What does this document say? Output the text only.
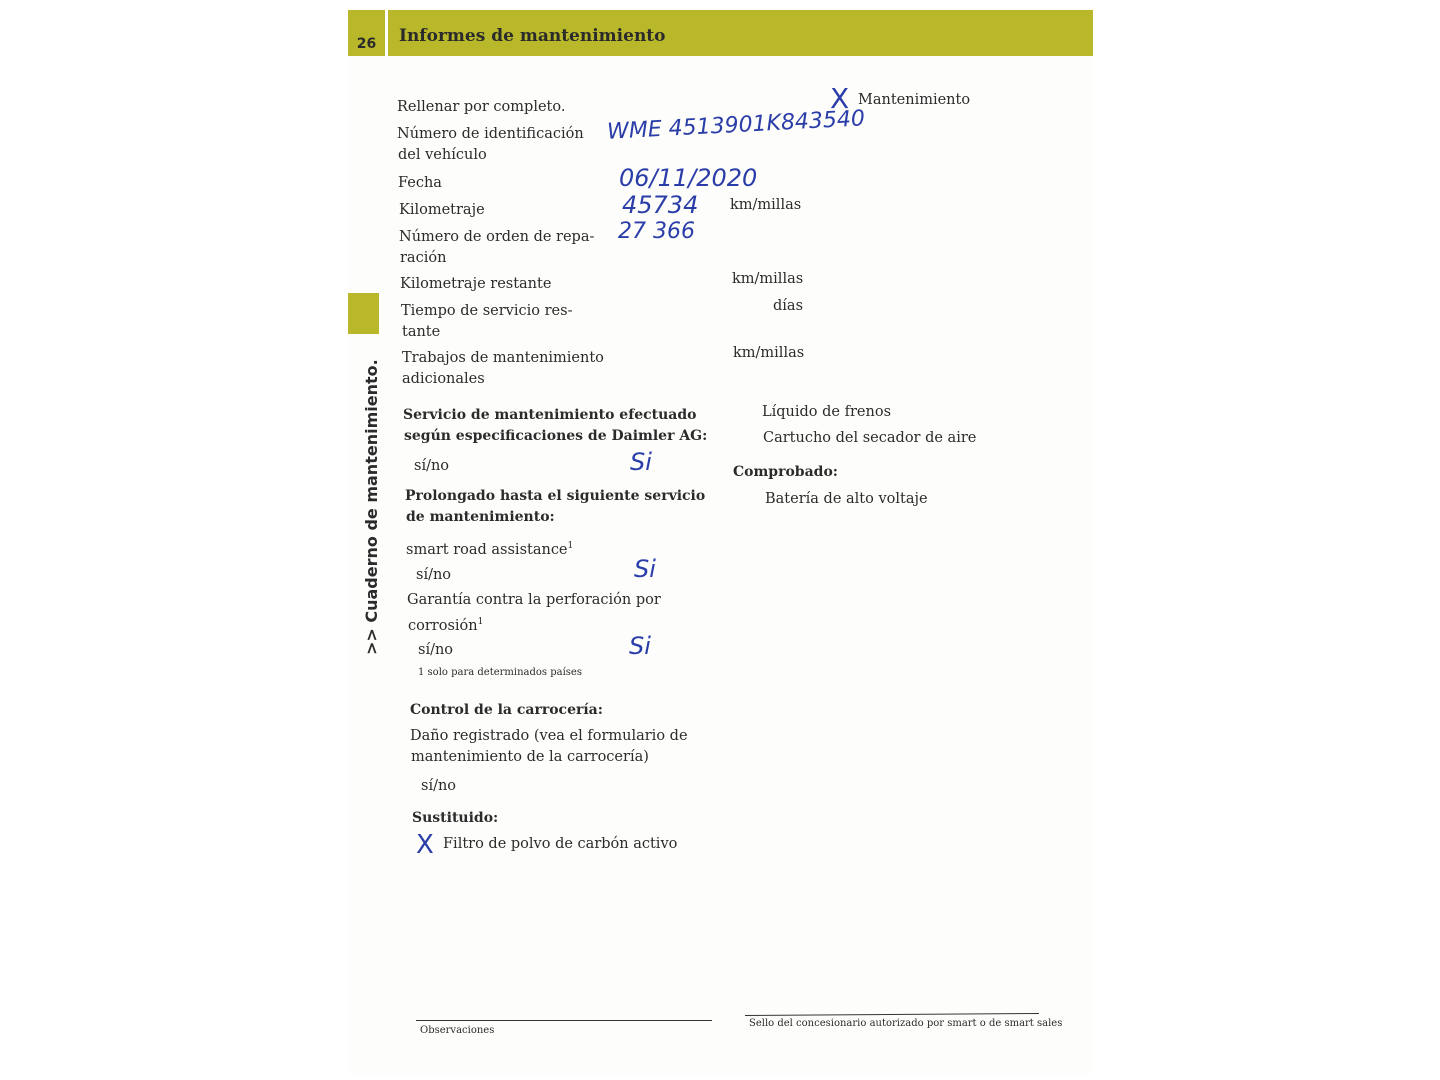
26	Informes de mantenimiento
>> Cuaderno de mantenimiento.
Rellenar por completo.
Número de identificación
del vehículo
Fecha
Kilometraje
Número de orden de repa-
ración
Kilometraje restante
Tiempo de servicio res-
tante
Trabajos de mantenimiento
adicionales
km/millas
km/millas
días
km/millas
Mantenimiento
Servicio de mantenimiento efectuado
según especificaciones de Daimler AG:
sí/no
Prolongado hasta el siguiente servicio
de mantenimiento:
smart road assistance$^1$
sí/no
Garantía contra la perforación por
corrosión$^1$
sí/no
1 solo para determinados países
Control de la carrocería:
Daño registrado (vea el formulario de
mantenimiento de la carrocería)
sí/no
Sustituido:
Filtro de polvo de carbón activo
Líquido de frenos
Cartucho del secador de aire
Comprobado:
Batería de alto voltaje
WME 4513901K843540
06/11/2020
45734
27 366
X
Si
Si
Si
X
Observaciones
Sello del concesionario autorizado por smart o de smart sales
